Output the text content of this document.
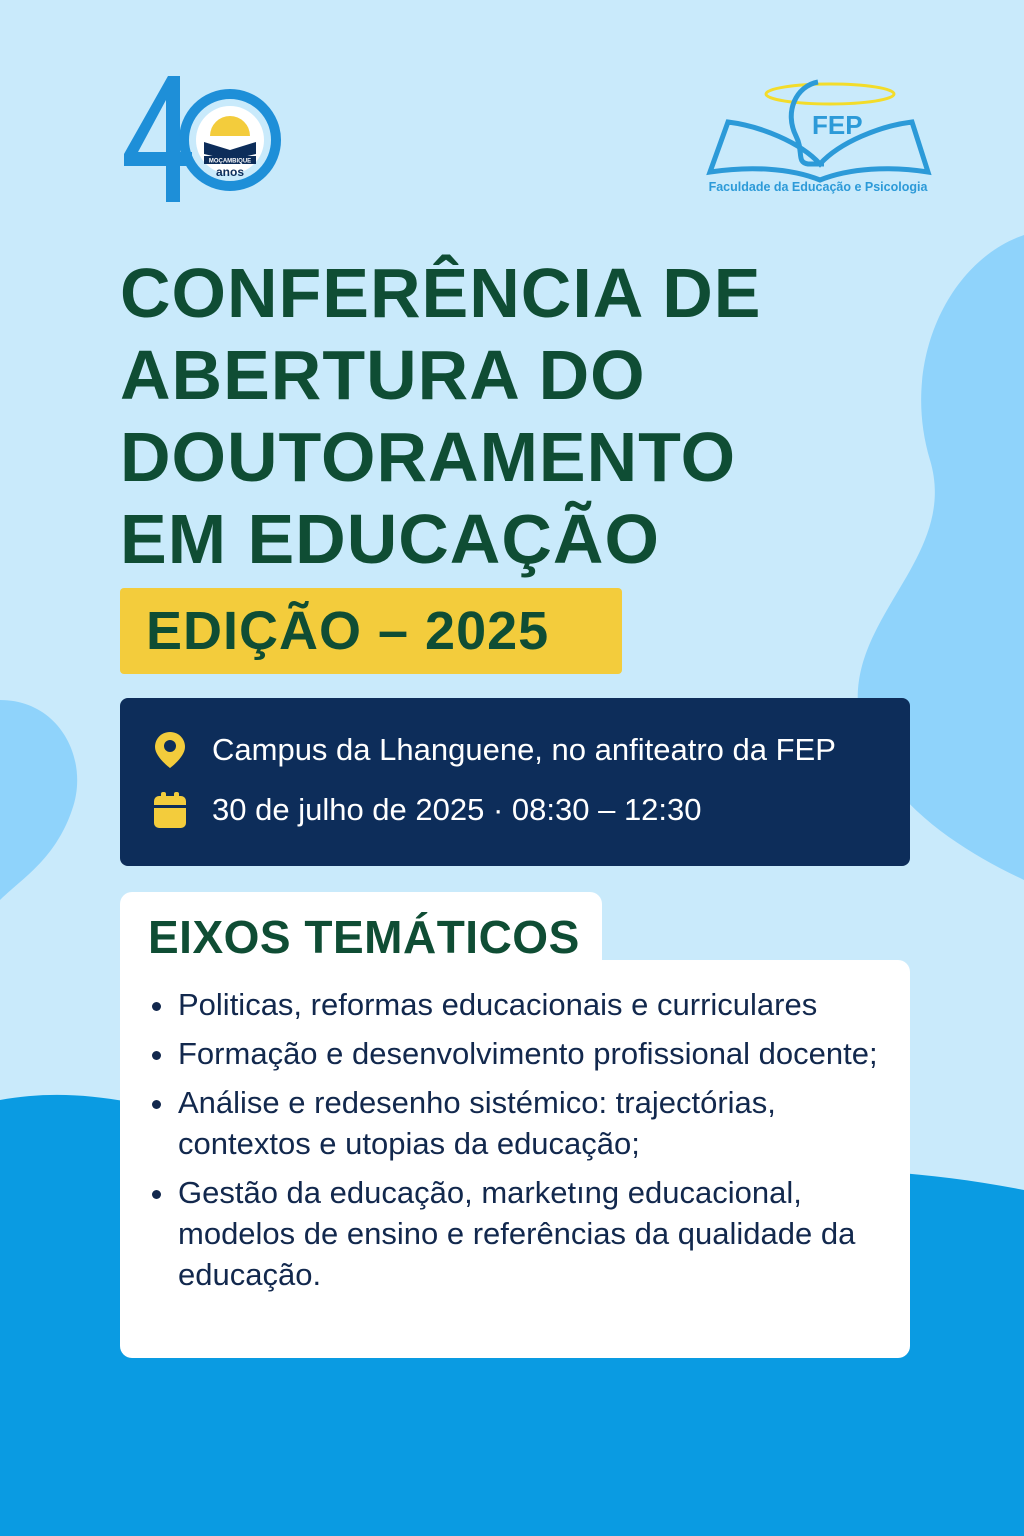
MOÇAMBIQUE
anos
FEP
Faculdade da Educação e Psicologia
CONFERÊNCIA DE
ABERTURA DO
DOUTORAMENTO
EM EDUCAÇÃO
EDIÇÃO – 2025
Campus da Lhanguene, no anfiteatro da FEP
30 de julho de 2025 · 08:30 – 12:30
EIXOS TEMÁTICOS
Politicas, reformas educacionais e curriculares
Formação e desenvolvimento profissional docente;
Análise e redesenho sistémico: trajectórias, contextos e utopias da educação;
Gestão da educação, marketıng educacional, modelos de ensino e referências da qualidade da educação.
